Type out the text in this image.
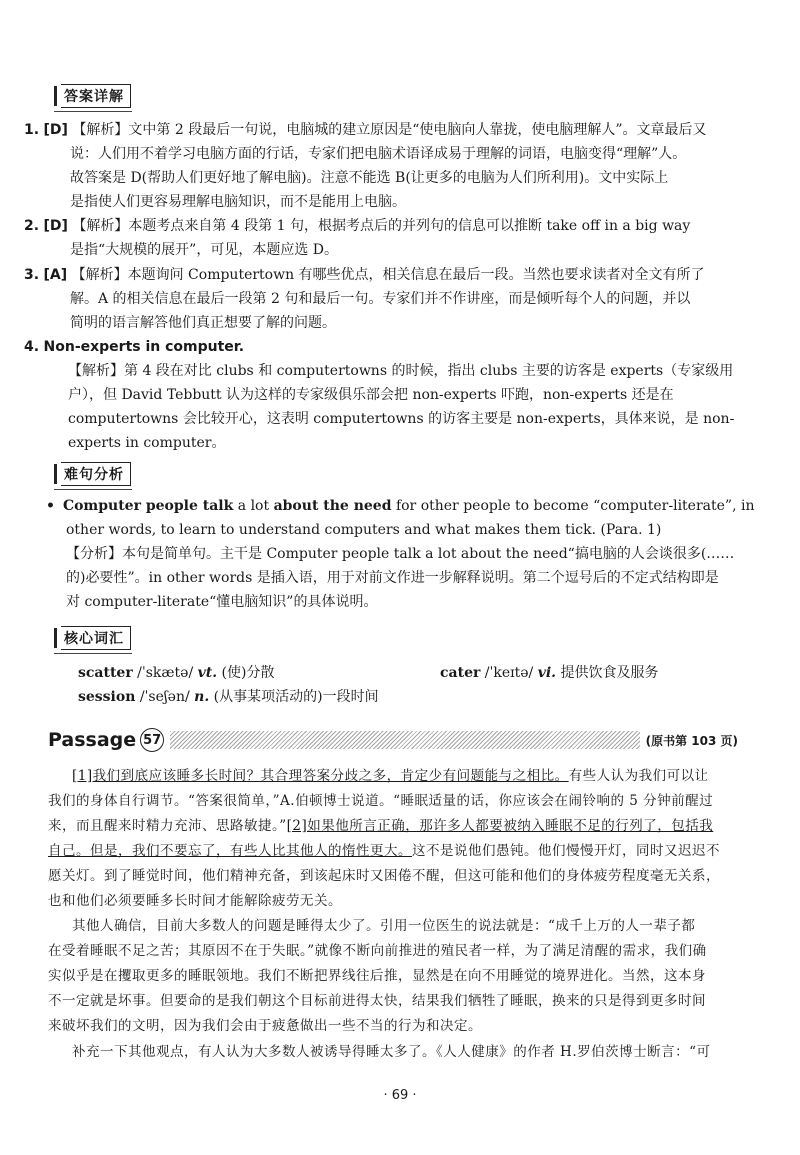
答案详解
1. [D] 【解析】文中第 2 段最后一句说，电脑城的建立原因是“使电脑向人靠拢，使电脑理解人”。文章最后又
说：人们用不着学习电脑方面的行话，专家们把电脑术语译成易于理解的词语，电脑变得“理解”人。
故答案是 D(帮助人们更好地了解电脑)。注意不能选 B(让更多的电脑为人们所利用)。文中实际上
是指使人们更容易理解电脑知识，而不是能用上电脑。
2. [D] 【解析】本题考点来自第 4 段第 1 句，根据考点后的并列句的信息可以推断 take off in a big way
是指“大规模的展开”，可见，本题应选 D。
3. [A] 【解析】本题询问 Computertown 有哪些优点，相关信息在最后一段。当然也要求读者对全文有所了
解。A 的相关信息在最后一段第 2 句和最后一句。专家们并不作讲座，而是倾听每个人的问题，并以
简明的语言解答他们真正想要了解的问题。
4. Non-experts in computer.
【解析】第 4 段在对比 clubs 和 computertowns 的时候，指出 clubs 主要的访客是 experts（专家级用
户），但 David Tebbutt 认为这样的专家级俱乐部会把 non-experts 吓跑，non-experts 还是在
computertowns 会比较开心，这表明 computertowns 的访客主要是 non-experts，具体来说，是 non-
experts in computer。
难句分析
• Computer people talk a lot about the need for other people to become “computer-literate”, in
other words, to learn to understand computers and what makes them tick. (Para. 1)
【分析】本句是简单句。主干是 Computer people talk a lot about the need“搞电脑的人会谈很多(……
的)必要性”。in other words 是插入语，用于对前文作进一步解释说明。第二个逗号后的不定式结构即是
对 computer-literate“懂电脑知识”的具体说明。
核心词汇
scatter /ˈskætə/ vt. (使)分散	cater /ˈkeɪtə/ vi. 提供饮食及服务
session /ˈseʃən/ n. (从事某项活动的)一段时间
Passage 57	(原书第 103 页)
[1]我们到底应该睡多长时间？其合理答案分歧之多，肯定少有问题能与之相比。有些人认为我们可以让
我们的身体自行调节。“答案很简单，”A.伯顿博士说道。“睡眠适量的话，你应该会在闹铃响的 5 分钟前醒过
来，而且醒来时精力充沛、思路敏捷。”[2]如果他所言正确，那许多人都要被纳入睡眠不足的行列了，包括我
自己。但是，我们不要忘了，有些人比其他人的惰性更大。这不是说他们愚钝。他们慢慢开灯，同时又迟迟不
愿关灯。到了睡觉时间，他们精神充备，到该起床时又困倦不醒，但这可能和他们的身体疲劳程度毫无关系，
也和他们必须要睡多长时间才能解除疲劳无关。
其他人确信，目前大多数人的问题是睡得太少了。引用一位医生的说法就是：“成千上万的人一辈子都
在受着睡眠不足之苦；其原因不在于失眠。”就像不断向前推进的殖民者一样，为了满足清醒的需求，我们确
实似乎是在攫取更多的睡眠领地。我们不断把界线往后推，显然是在向不用睡觉的境界进化。当然，这本身
不一定就是坏事。但要命的是我们朝这个目标前进得太快，结果我们牺牲了睡眠，换来的只是得到更多时间
来破坏我们的文明，因为我们会由于疲惫做出一些不当的行为和决定。
补充一下其他观点，有人认为大多数人被诱导得睡太多了。《人人健康》的作者 H.罗伯茨博士断言：“可
· 69 ·
